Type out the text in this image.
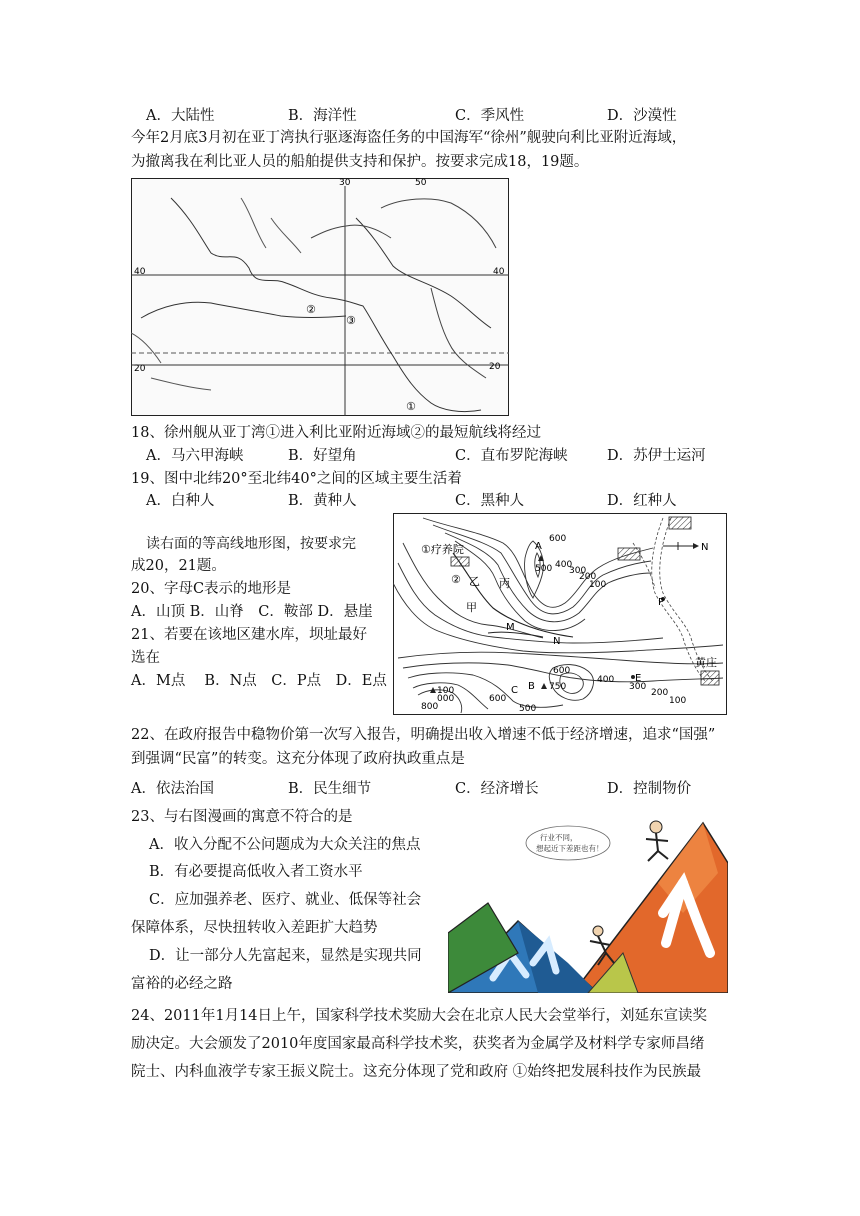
A．大陆性	B．海洋性	C．季风性	D．沙漠性
今年2月底3月初在亚丁湾执行驱逐海盗任务的中国海军“徐州”舰驶向利比亚附近海域，
为撤离我在利比亚人员的船舶提供支持和保护。按要求完成18，19题。
30	50
40	40
20	20
②
③
①
18、徐州舰从亚丁湾①进入利比亚附近海域②的最短航线将经过
A．马六甲海峡	B．好望角	C．直布罗陀海峡	D．苏伊士运河
19、图中北纬20°至北纬40°之间的区域主要生活着
A．白种人	B．黄种人	C．黑种人	D．红种人
读右面的等高线地形图，按要求完
成20，21题。
20、字母C表示的地形是
A．山顶 B．山脊　C．鞍部 D．悬崖
21、若要在该地区建水库，坝址最好
选在
A．M点　 B．N点　C．P点　D．E点
N
①疗养院
② 乙 丙
甲
A
B
C
M
N
P
E
黄庄
600
500 400
300
200
100
600
750
400
300
200
100
100
000
800
600
500
22、在政府报告中稳物价第一次写入报告，明确提出收入增速不低于经济增速，追求“国强”
到强调“民富”的转变。这充分体现了政府执政重点是
A．依法治国	B．民生细节	C．经济增长	D．控制物价
23、与右图漫画的寓意不符合的是
A．收入分配不公问题成为大众关注的焦点
B．有必要提高低收入者工资水平
C．应加强养老、医疗、就业、低保等社会
保障体系，尽快扭转收入差距扩大趋势
D．让一部分人先富起来，显然是实现共同
富裕的必经之路
行业不同，
想起近下差距也有！
24、2011年1月14日上午，国家科学技术奖励大会在北京人民大会堂举行，刘延东宣读奖
励决定。大会颁发了2010年度国家最高科学技术奖，获奖者为金属学及材料学专家师昌绪
院士、内科血液学专家王振义院士。这充分体现了党和政府 ①始终把发展科技作为民族最
